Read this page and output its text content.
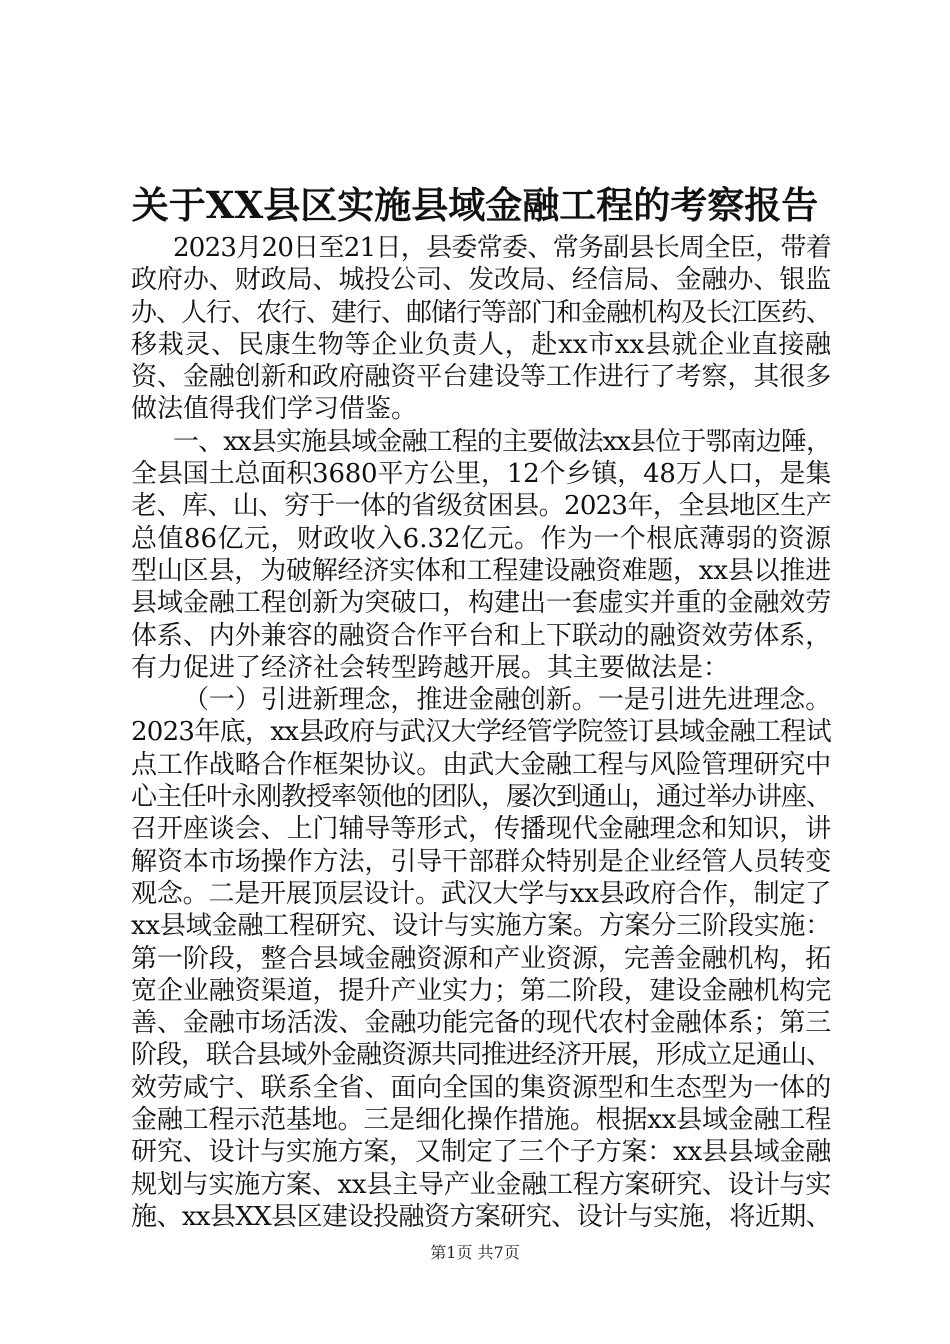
关于XX县区实施县域金融工程的考察报告

2023月20日至21日，县委常委、常务副县长周全臣，带着
政府办、财政局、城投公司、发改局、经信局、金融办、银监
办、人行、农行、建行、邮储行等部门和金融机构及长江医药、
移栽灵、民康生物等企业负责人，赴xx市xx县就企业直接融
资、金融创新和政府融资平台建设等工作进行了考察，其很多
做法值得我们学习借鉴。

一、xx县实施县域金融工程的主要做法xx县位于鄂南边陲，
全县国土总面积3680平方公里，12个乡镇，48万人口，是集
老、库、山、穷于一体的省级贫困县。2023年，全县地区生产
总值86亿元，财政收入6.32亿元。作为一个根底薄弱的资源
型山区县，为破解经济实体和工程建设融资难题，xx县以推进
县域金融工程创新为突破口，构建出一套虚实并重的金融效劳
体系、内外兼容的融资合作平台和上下联动的融资效劳体系，
有力促进了经济社会转型跨越开展。其主要做法是：

（一）引进新理念，推进金融创新。一是引进先进理念。
2023年底，xx县政府与武汉大学经管学院签订县域金融工程试
点工作战略合作框架协议。由武大金融工程与风险管理研究中
心主任叶永刚教授率领他的团队，屡次到通山，通过举办讲座、
召开座谈会、上门辅导等形式，传播现代金融理念和知识，讲
解资本市场操作方法，引导干部群众特别是企业经管人员转变
观念。二是开展顶层设计。武汉大学与xx县政府合作，制定了
xx县域金融工程研究、设计与实施方案。方案分三阶段实施：
第一阶段，整合县域金融资源和产业资源，完善金融机构，拓
宽企业融资渠道，提升产业实力；第二阶段，建设金融机构完
善、金融市场活泼、金融功能完备的现代农村金融体系；第三
阶段，联合县域外金融资源共同推进经济开展，形成立足通山、
效劳咸宁、联系全省、面向全国的集资源型和生态型为一体的
金融工程示范基地。三是细化操作措施。根据xx县域金融工程
研究、设计与实施方案，又制定了三个子方案：xx县县域金融
规划与实施方案、xx县主导产业金融工程方案研究、设计与实
施、xx县XX县区建设投融资方案研究、设计与实施，将近期、

第1页 共7页
